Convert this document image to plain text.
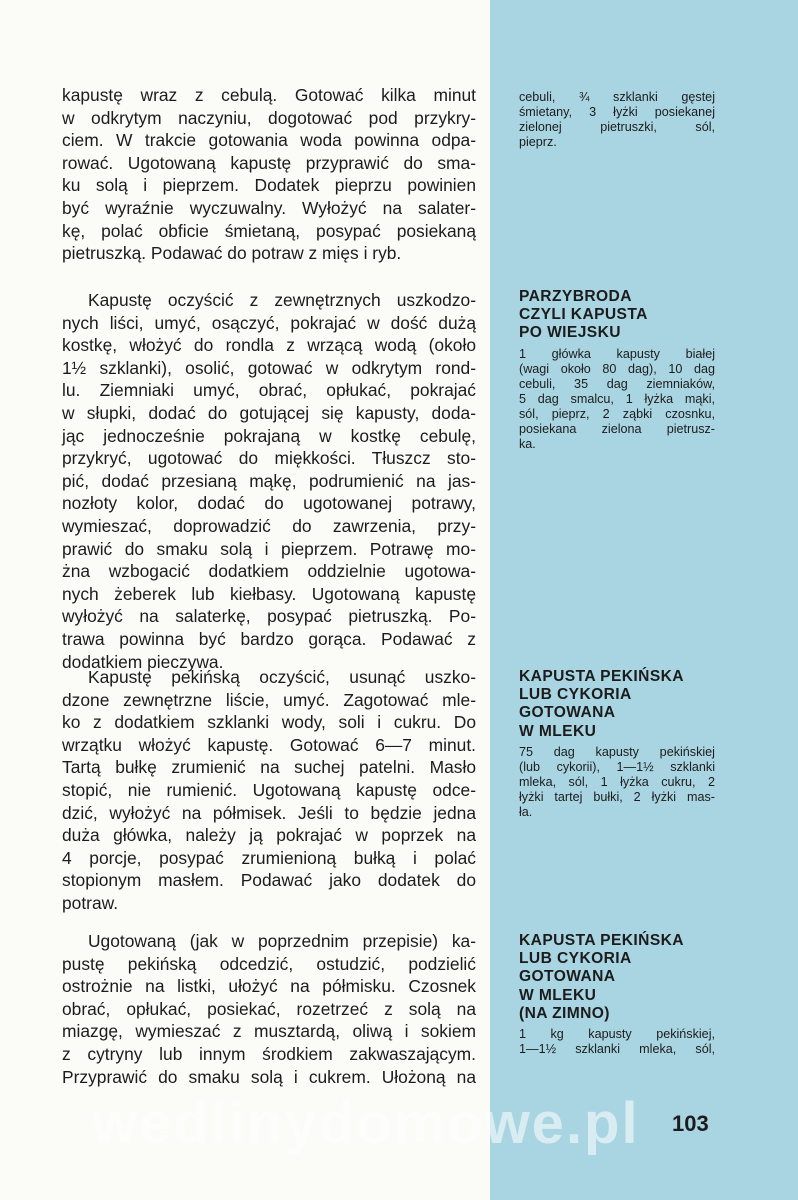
kapustę wraz z cebulą. Gotować kilka minut
w odkrytym naczyniu, dogotować pod przykry-
ciem. W trakcie gotowania woda powinna odpa-
rować. Ugotowaną kapustę przyprawić do sma-
ku solą i pieprzem. Dodatek pieprzu powinien
być wyraźnie wyczuwalny. Wyłożyć na salater-
kę, polać obficie śmietaną, posypać posiekaną
pietruszką. Podawać do potraw z mięs i ryb.
Kapustę oczyścić z zewnętrznych uszkodzo-
nych liści, umyć, osączyć, pokrajać w dość dużą
kostkę, włożyć do rondla z wrzącą wodą (około
1½ szklanki), osolić, gotować w odkrytym rond-
lu. Ziemniaki umyć, obrać, opłukać, pokrajać
w słupki, dodać do gotującej się kapusty, doda-
jąc jednocześnie pokrajaną w kostkę cebulę,
przykryć, ugotować do miękkości. Tłuszcz sto-
pić, dodać przesianą mąkę, podrumienić na jas-
nozłoty kolor, dodać do ugotowanej potrawy,
wymieszać, doprowadzić do zawrzenia, przy-
prawić do smaku solą i pieprzem. Potrawę mo-
żna wzbogacić dodatkiem oddzielnie ugotowa-
nych żeberek lub kiełbasy. Ugotowaną kapustę
wyłożyć na salaterkę, posypać pietruszką. Po-
trawa powinna być bardzo gorąca. Podawać z
dodatkiem pieczywa.
Kapustę pekińską oczyścić, usunąć uszko-
dzone zewnętrzne liście, umyć. Zagotować mle-
ko z dodatkiem szklanki wody, soli i cukru. Do
wrzątku włożyć kapustę. Gotować 6—7 minut.
Tartą bułkę zrumienić na suchej patelni. Masło
stopić, nie rumienić. Ugotowaną kapustę odce-
dzić, wyłożyć na półmisek. Jeśli to będzie jedna
duża główka, należy ją pokrajać w poprzek na
4 porcje, posypać zrumienioną bułką i polać
stopionym masłem. Podawać jako dodatek do
potraw.
Ugotowaną (jak w poprzednim przepisie) ka-
pustę pekińską odcedzić, ostudzić, podzielić
ostrożnie na listki, ułożyć na półmisku. Czosnek
obrać, opłukać, posiekać, rozetrzeć z solą na
miazgę, wymieszać z musztardą, oliwą i sokiem
z cytryny lub innym środkiem zakwaszającym.
Przyprawić do smaku solą i cukrem. Ułożoną na
cebuli, ¾ szklanki gęstej
śmietany, 3 łyżki posiekanej
zielonej pietruszki, sól,
pieprz.
PARZYBRODA
CZYLI KAPUSTA
PO WIEJSKU
1 główka kapusty białej
(wagi około 80 dag), 10 dag
cebuli, 35 dag ziemniaków,
5 dag smalcu, 1 łyżka mąki,
sól, pieprz, 2 ząbki czosnku,
posiekana zielona pietrusz-
ka.
KAPUSTA PEKIŃSKA
LUB CYKORIA
GOTOWANA
W MLEKU
75 dag kapusty pekińskiej
(lub cykorii), 1—1½ szklanki
mleka, sól, 1 łyżka cukru, 2
łyżki tartej bułki, 2 łyżki mas-
ła.
KAPUSTA PEKIŃSKA
LUB CYKORIA
GOTOWANA
W MLEKU
(NA ZIMNO)
1 kg kapusty pekińskiej,
1—1½ szklanki mleka, sól,
wedlinydomowe.pl 103
